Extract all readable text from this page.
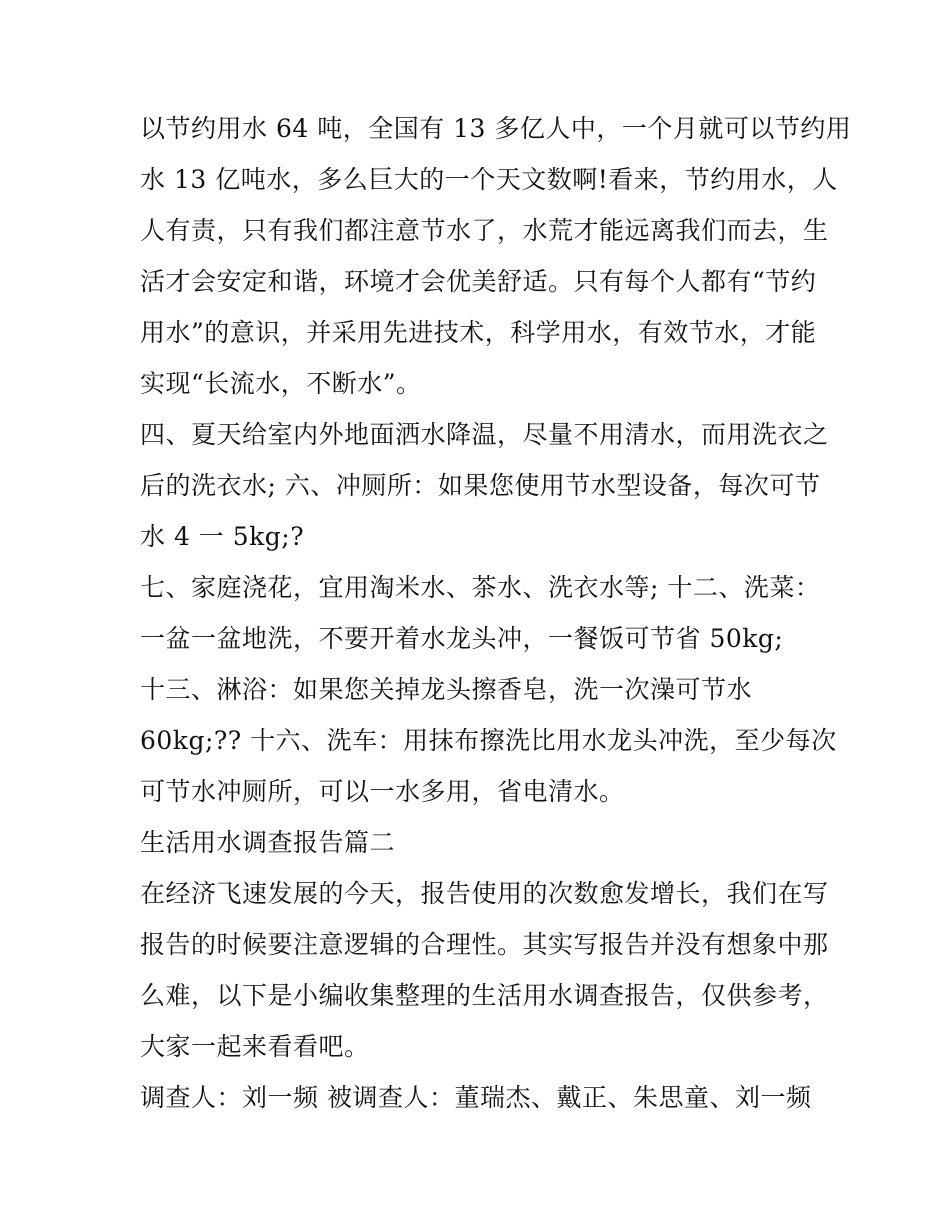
以节约用水 64 吨，全国有 13 多亿人中，一个月就可以节约用
水 13 亿吨水，多么巨大的一个天文数啊!看来，节约用水，人
人有责，只有我们都注意节水了，水荒才能远离我们而去，生
活才会安定和谐，环境才会优美舒适。只有每个人都有“节约
用水”的意识，并采用先进技术，科学用水，有效节水，才能
实现“长流水，不断水”。
四、夏天给室内外地面洒水降温，尽量不用清水，而用洗衣之
后的洗衣水; 六、冲厕所：如果您使用节水型设备，每次可节
水 4 一 5kg;?
七、家庭浇花，宜用淘米水、茶水、洗衣水等; 十二、洗菜：
一盆一盆地洗，不要开着水龙头冲，一餐饭可节省 50kg;
十三、淋浴：如果您关掉龙头擦香皂，洗一次澡可节水
60kg;?? 十六、洗车：用抹布擦洗比用水龙头冲洗，至少每次
可节水冲厕所，可以一水多用，省电清水。
生活用水调查报告篇二
在经济飞速发展的今天，报告使用的次数愈发增长，我们在写
报告的时候要注意逻辑的合理性。其实写报告并没有想象中那
么难，以下是小编收集整理的生活用水调查报告，仅供参考，
大家一起来看看吧。
调查人：刘一频 被调查人：董瑞杰、戴正、朱思童、刘一频
